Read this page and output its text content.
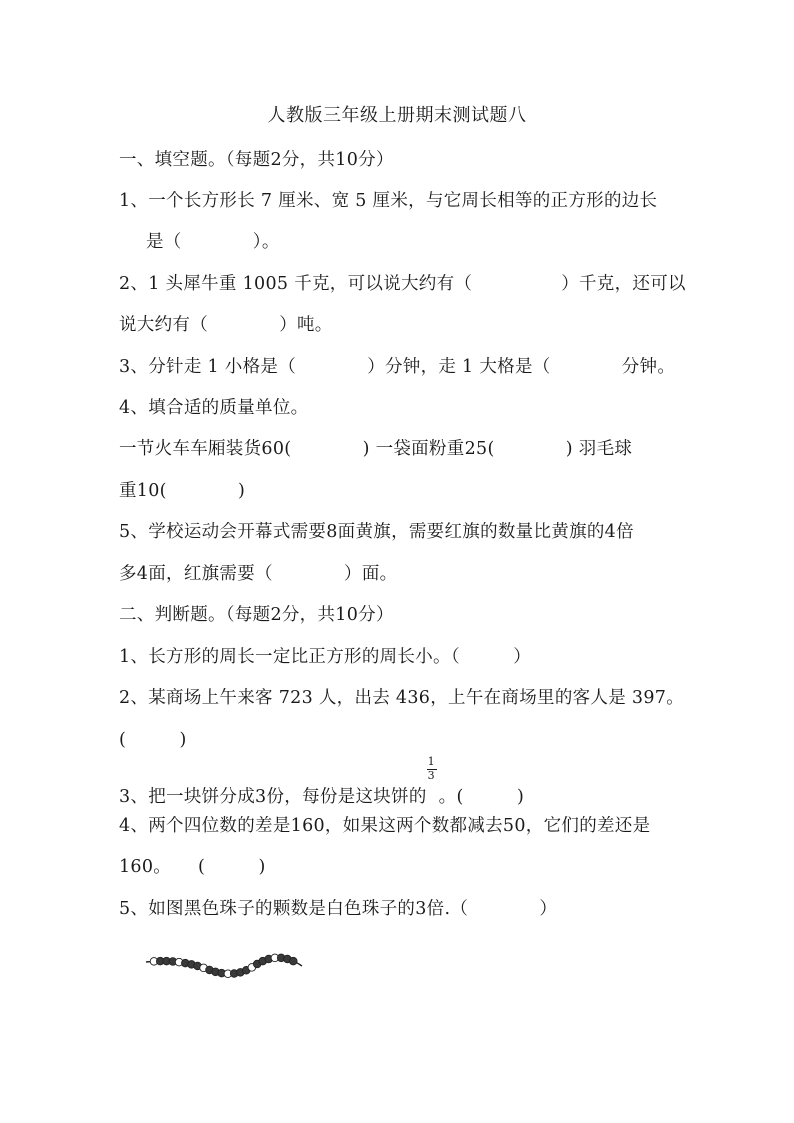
人教版三年级上册期末测试题八
一、填空题。（每题2分，共10分）
1、一个长方形长 7 厘米、宽 5 厘米，与它周长相等的正方形的边长
是（　　　　）。
2、1 头犀牛重 1005 千克，可以说大约有（　　　　　）千克，还可以
说大约有（　　　　）吨。
3、分针走 1 小格是（　　　　）分钟，走 1 大格是（　　　　分钟。
4、填合适的质量单位。
一节火车车厢装货60(　　　　) 一袋面粉重25(　　　　) 羽毛球
重10(　　　　)
5、学校运动会开幕式需要8面黄旗，需要红旗的数量比黄旗的4倍
多4面，红旗需要（　　　　）面。
二、判断题。（每题2分，共10分）
1、长方形的周长一定比正方形的周长小。（　　　）
2、某商场上午来客 723 人，出去 436，上午在商场里的客人是 397。
(　　　)
3、把一块饼分成3份，每份是这块饼的 $\frac{1}{3}$ 。(　　　)
4、两个四位数的差是160，如果这两个数都减去50，它们的差还是
160。　　(　　　)
5、如图黑色珠子的颗数是白色珠子的3倍.（　　　　）
